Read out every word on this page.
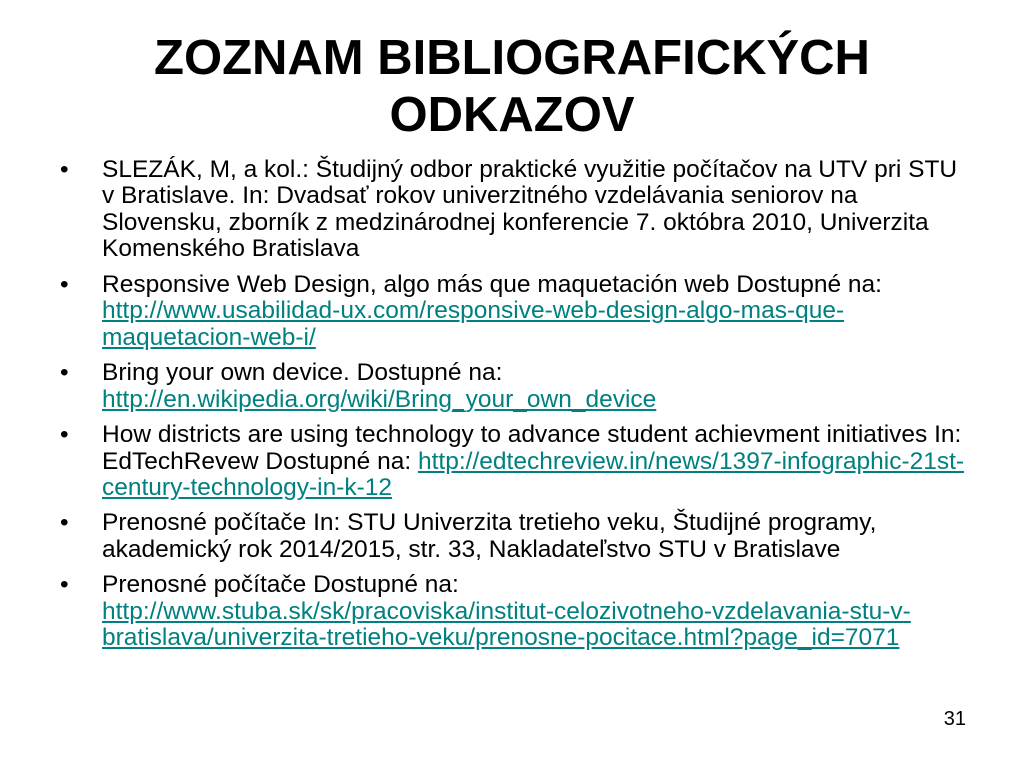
ZOZNAM BIBLIOGRAFICKÝCH
ODKAZOV
• SLEZÁK, M, a kol.: Študijný odbor praktické využitie počítačov na UTV pri STU v Bratislave. In: Dvadsať rokov univerzitného vzdelávania seniorov na Slovensku, zborník z medzinárodnej konferencie 7. októbra 2010, Univerzita Komenského Bratislava
• Responsive Web Design, algo más que maquetación web Dostupné na: http://www.usabilidad-ux.com/responsive-web-design-algo-mas-que-maquetacion-web-i/
• Bring your own device. Dostupné na:
http://en.wikipedia.org/wiki/Bring_your_own_device
• How districts are using technology to advance student achievment initiatives In: EdTechRevew Dostupné na: http://edtechreview.in/news/1397-infographic-21st-century-technology-in-k-12
• Prenosné počítače In: STU Univerzita tretieho veku, Študijné programy, akademický rok 2014/2015, str. 33, Nakladateľstvo STU v Bratislave
• Prenosné počítače Dostupné na:
http://www.stuba.sk/sk/pracoviska/institut-celozivotneho-vzdelavania-stu-v-bratislava/univerzita-tretieho-veku/prenosne-pocitace.html?page_id=7071
31
